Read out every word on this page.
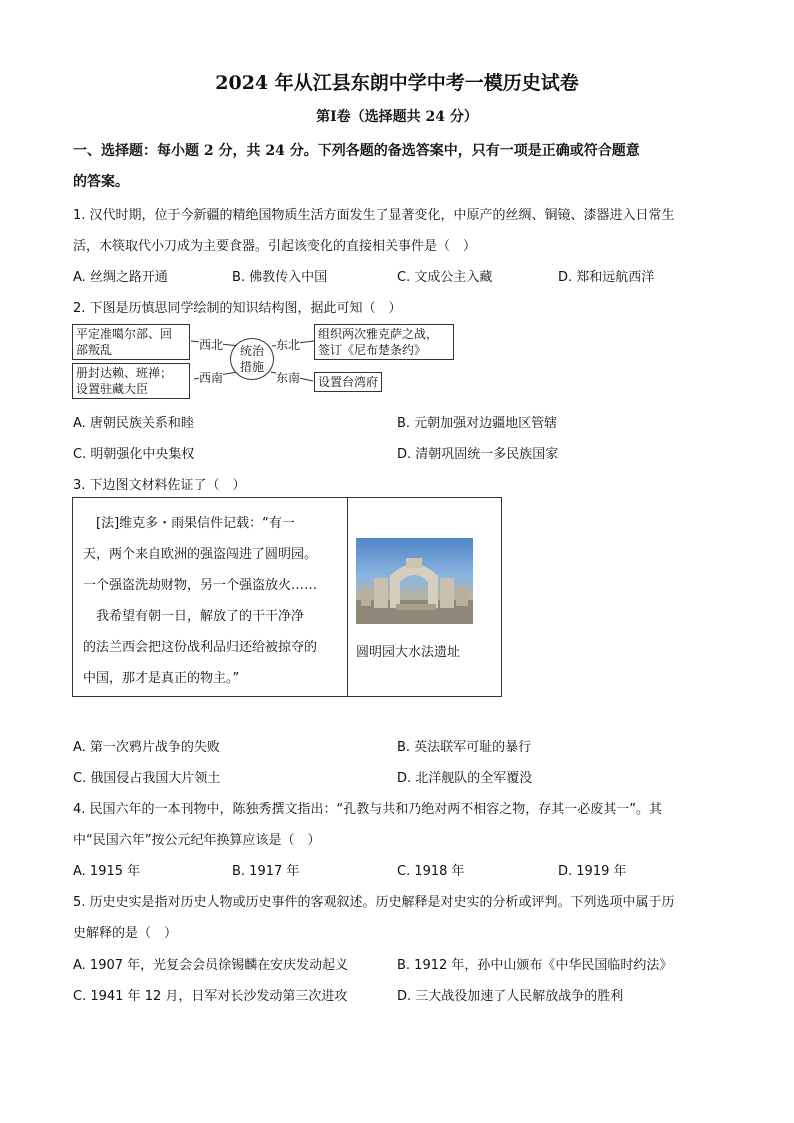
2024 年从江县东朗中学中考一模历史试卷
第Ⅰ卷（选择题共 24 分）
一、选择题：每小题 2 分，共 24 分。下列各题的备选答案中，只有一项是正确或符合题意
的答案。
1. 汉代时期，位于今新疆的精绝国物质生活方面发生了显著变化，中原产的丝绸、铜镜、漆器进入日常生
活，木筷取代小刀成为主要食器。引起该变化的直接相关事件是（　）
A. 丝绸之路开通	B. 佛教传入中国	C. 文成公主入藏	D. 郑和远航西洋
2. 下图是历慎思同学绘制的知识结构图，据此可知（　）
平定准噶尔部、回
部叛乱
册封达赖、班禅；
设置驻藏大臣
西北
西南
统治
措施
东北
东南
组织两次雅克萨之战，
签订《尼布楚条约》
设置台湾府
A. 唐朝民族关系和睦	B. 元朝加强对边疆地区管辖
C. 明朝强化中央集权	D. 清朝巩固统一多民族国家
3. 下边图文材料佐证了（　）
　[法]维克多・雨果信件记载：“有一
天，两个来自欧洲的强盗闯进了圆明园。
一个强盗洗劫财物，另一个强盗放火……
　我希望有朝一日，解放了的干干净净
的法兰西会把这份战利品归还给被掠夺的
中国，那才是真正的物主。”
圆明园大水法遗址
A. 第一次鸦片战争的失败	B. 英法联军可耻的暴行
C. 俄国侵占我国大片领土	D. 北洋舰队的全军覆没
4. 民国六年的一本刊物中，陈独秀撰文指出：“孔教与共和乃绝对两不相容之物，存其一必废其一”。其
中“民国六年”按公元纪年换算应该是（　）
A. 1915 年	B. 1917 年	C. 1918 年	D. 1919 年
5. 历史史实是指对历史人物或历史事件的客观叙述。历史解释是对史实的分析或评判。下列选项中属于历
史解释的是（　）
A. 1907 年，光复会会员徐锡麟在安庆发动起义	B. 1912 年，孙中山颁布《中华民国临时约法》
C. 1941 年 12 月，日军对长沙发动第三次进攻	D. 三大战役加速了人民解放战争的胜利
